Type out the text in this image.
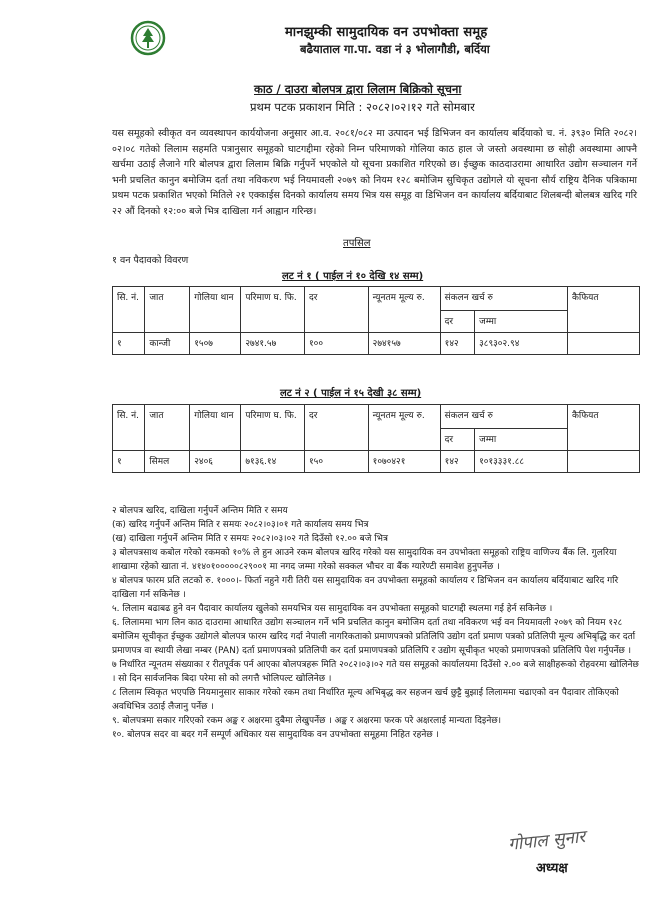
मानझुम्की सामुदायिक वन उपभोक्ता समूह
बढैयाताल गा.पा. वडा नं ३ भोलागौडी, बर्दिया
काठ / दाउरा बोलपत्र द्वारा लिलाम बिक्रिको सूचना
प्रथम पटक प्रकाशन मिति : २०८२।०२।१२ गते सोमबार
यस समूहको स्वीकृत वन व्यवस्थापन कार्ययोजना अनुसार आ.व. २०८१/०८२ मा उत्पादन भई डिभिजन वन कार्यालय बर्दियाको च. नं. ३९३० मिति २०८२।०२।०८ गतेको लिलाम सहमति पत्रानुसार समूहको घाटगद्दीमा रहेको निम्न परिमाणको गोलिया काठ हाल जे जस्तो अवस्थामा छ सोही अवस्थामा आफ्नै खर्चमा उठाई लैजाने गरि बोलपत्र द्वारा लिलाम बिक्रि गर्नुपर्ने भएकोले यो सूचना प्रकाशित गरिएको छ। ईच्छुक काठदाउरामा आधारित उद्योग सञ्चालन गर्ने भनी प्रचलित कानुन बमोजिम दर्ता तथा नविकरण भई नियमावली २०७९ को नियम १२८ बमोजिम सुचिकृत उद्योगले यो सूचना सौर्य राष्ट्रिय दैनिक पत्रिकामा प्रथम पटक प्रकाशित भएको मितिले २१ एक्काईस दिनको कार्यालय समय भित्र यस समूह वा डिभिजन वन कार्यालय बर्दियाबाट शिलबन्दी बोलबत्र खरिद गरि २२ औं दिनको १२:०० बजे भित्र दाखिला गर्न आह्वान गरिन्छ।
तपसिल
१ वन पैदावको विवरण
लट नं १ ( पाईल नं १० देखि १४ सम्म)
सि. नं.	जात	गोलिया थान	परिमाण घ. फि.	दर	न्यूनतम मूल्य रु.	संकलन खर्च रु		कैफियत
						दर	जम्मा	
१	कान्जी	१५०७	२७४१.५७	१००	२७४१५७	१४२	३८९३०२.९४	
लट नं २ ( पाईल नं १५ देखी ३८ सम्म)
सि. नं.	जात	गोलिया थान	परिमाण घ. फि.	दर	न्यूनतम मूल्य रु.	संकलन खर्च रु		कैफियत
						दर	जम्मा	
१	सिमल	२४०६	७१३६.१४	१५०	१०७०४२१	१४२	१०१३३३१.८८	

२ बोलपत्र खरिद, दाखिला गर्नुपर्ने अन्तिम मिति र समय

(क) खरिद गर्नुपर्ने अन्तिम मिति र समयः २०८२।०३।०१ गते कार्यालय समय भित्र

(ख) दाखिला गर्नुपर्ने अन्तिम मिति र समयः २०८२।०३।०२ गते दिउँसो १२.०० बजे भित्र

३ बोलपत्रसाथ कबोल गरेको रकमको १०% ले हुन आउने रकम बोलपत्र खरिद गरेको यस सामुदायिक वन उपभोक्ता समूहको राष्ट्रिय वाणिज्य बैंक लि. गुलरिया शाखामा रहेको खाता नं. ४१४०१०००००८२९००१ मा नगद जम्मा गरेको सक्कल भौचर वा बैंक ग्यारेण्टी समावेश हुनुपर्नेछ ।

४ बोलपत्र फारम प्रति लटको रु. १०००।- फिर्ता नहुने गरी तिरी यस सामुदायिक वन उपभोक्ता समूहको कार्यालय र डिभिजन वन कार्यालय बर्दियाबाट खरिद गरि दाखिला गर्न सकिनेछ ।

५. लिलाम बढाबढ हुने वन पैदावार कार्यालय खुलेको समयभित्र यस सामुदायिक वन उपभोक्ता समूहको घाटगद्दी स्थलमा गई हेर्न सकिनेछ ।

६. लिलाममा भाग लिन काठ दाउरामा आधारित उद्योग सञ्चालन गर्ने भनि प्रचलित कानुन बमोजिम दर्ता तथा नविकरण भई वन नियमावली २०७९ को नियम १२८ बमोजिम सूचीकृत ईच्छुक उद्योगले बोलपत्र फारम खरिद गर्दा नेपाली नागरिकताको प्रमाणपत्रको प्रतिलिपि उद्योग दर्ता प्रमाण पत्रको प्रतिलिपी मूल्य अभिबृद्धि कर दर्ता प्रमाणपत्र वा स्थायी लेखा नम्बर (PAN) दर्ता प्रमाणपत्रको प्रतिलिपी कर दर्ता प्रमाणपत्रको प्रतिलिपि र उद्योग सूचीकृत भएको प्रमाणपत्रको प्रतिलिपि पेश गर्नुपर्नेछ ।

७ निर्धारित न्यूनतम संख्याका र रीतपूर्वक पर्न आएका बोलपत्रहरू मिति २०८२।०३।०२ गते यस समूहको कार्यालयमा दिउँसो २.०० बजे साक्षीहरूको रोहवरमा खोलिनेछ । सो दिन सार्वजनिक बिदा परेमा सो को लगत्तै भोलिपल्ट खोलिनेछ ।

८ लिलाम स्विकृत भएपछि नियमानुसार साकार गरेको रकम तथा निर्धारित मूल्य अभिबृद्ध कर सहजन खर्च छुट्टै बुझाई लिलाममा चढाएको वन पैदावार तोकिएको अवधिभित्र उठाई लैजानु पर्नेछ ।

९. बोलपत्रमा सकार गरिएको रकम अङ्क र अक्षरमा दुबैमा लेखुपर्नेछ । अङ्क र अक्षरमा फरक परे अक्षरलाई मान्यता दिइनेछ।

१०. बोलपत्र सदर वा बदर गर्ने सम्पूर्ण अधिकार यस सामुदायिक वन उपभोक्ता समूहमा निहित रहनेछ ।

गोपाल सुनार
अध्यक्ष
